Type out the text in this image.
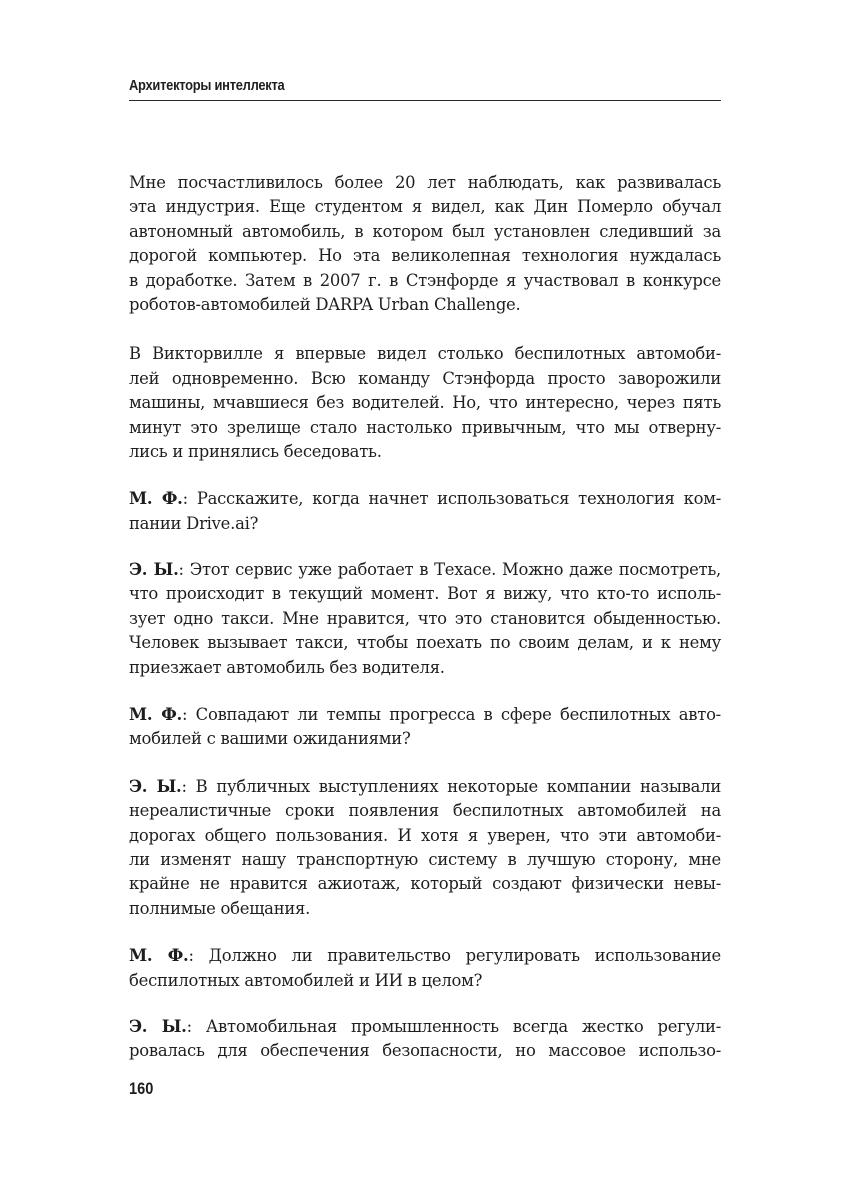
Архитекторы интеллекта
Мне посчастливилось более 20 лет наблюдать, как развивалась
эта индустрия. Еще студентом я видел, как Дин Померло обучал
автономный автомобиль, в котором был установлен следивший за
дорогой компьютер. Но эта великолепная технология нуждалась
в доработке. Затем в 2007 г. в Стэнфорде я участвовал в конкурсе
роботов-автомобилей DARPA Urban Challenge.
В Викторвилле я впервые видел столько беспилотных автомоби-
лей одновременно. Всю команду Стэнфорда просто заворожили
машины, мчавшиеся без водителей. Но, что интересно, через пять
минут это зрелище стало настолько привычным, что мы отверну-
лись и принялись беседовать.
М. Ф.: Расскажите, когда начнет использоваться технология ком-
пании Drive.ai?
Э. Ы.: Этот сервис уже работает в Техасе. Можно даже посмотреть,
что происходит в текущий момент. Вот я вижу, что кто-то исполь-
зует одно такси. Мне нравится, что это становится обыденностью.
Человек вызывает такси, чтобы поехать по своим делам, и к нему
приезжает автомобиль без водителя.
М. Ф.: Совпадают ли темпы прогресса в сфере беспилотных авто-
мобилей с вашими ожиданиями?
Э. Ы.: В публичных выступлениях некоторые компании называли
нереалистичные сроки появления беспилотных автомобилей на
дорогах общего пользования. И хотя я уверен, что эти автомоби-
ли изменят нашу транспортную систему в лучшую сторону, мне
крайне не нравится ажиотаж, который создают физически невы-
полнимые обещания.
М. Ф.: Должно ли правительство регулировать использование
беспилотных автомобилей и ИИ в целом?
Э. Ы.: Автомобильная промышленность всегда жестко регули-
ровалась для обеспечения безопасности, но массовое использо-
160
